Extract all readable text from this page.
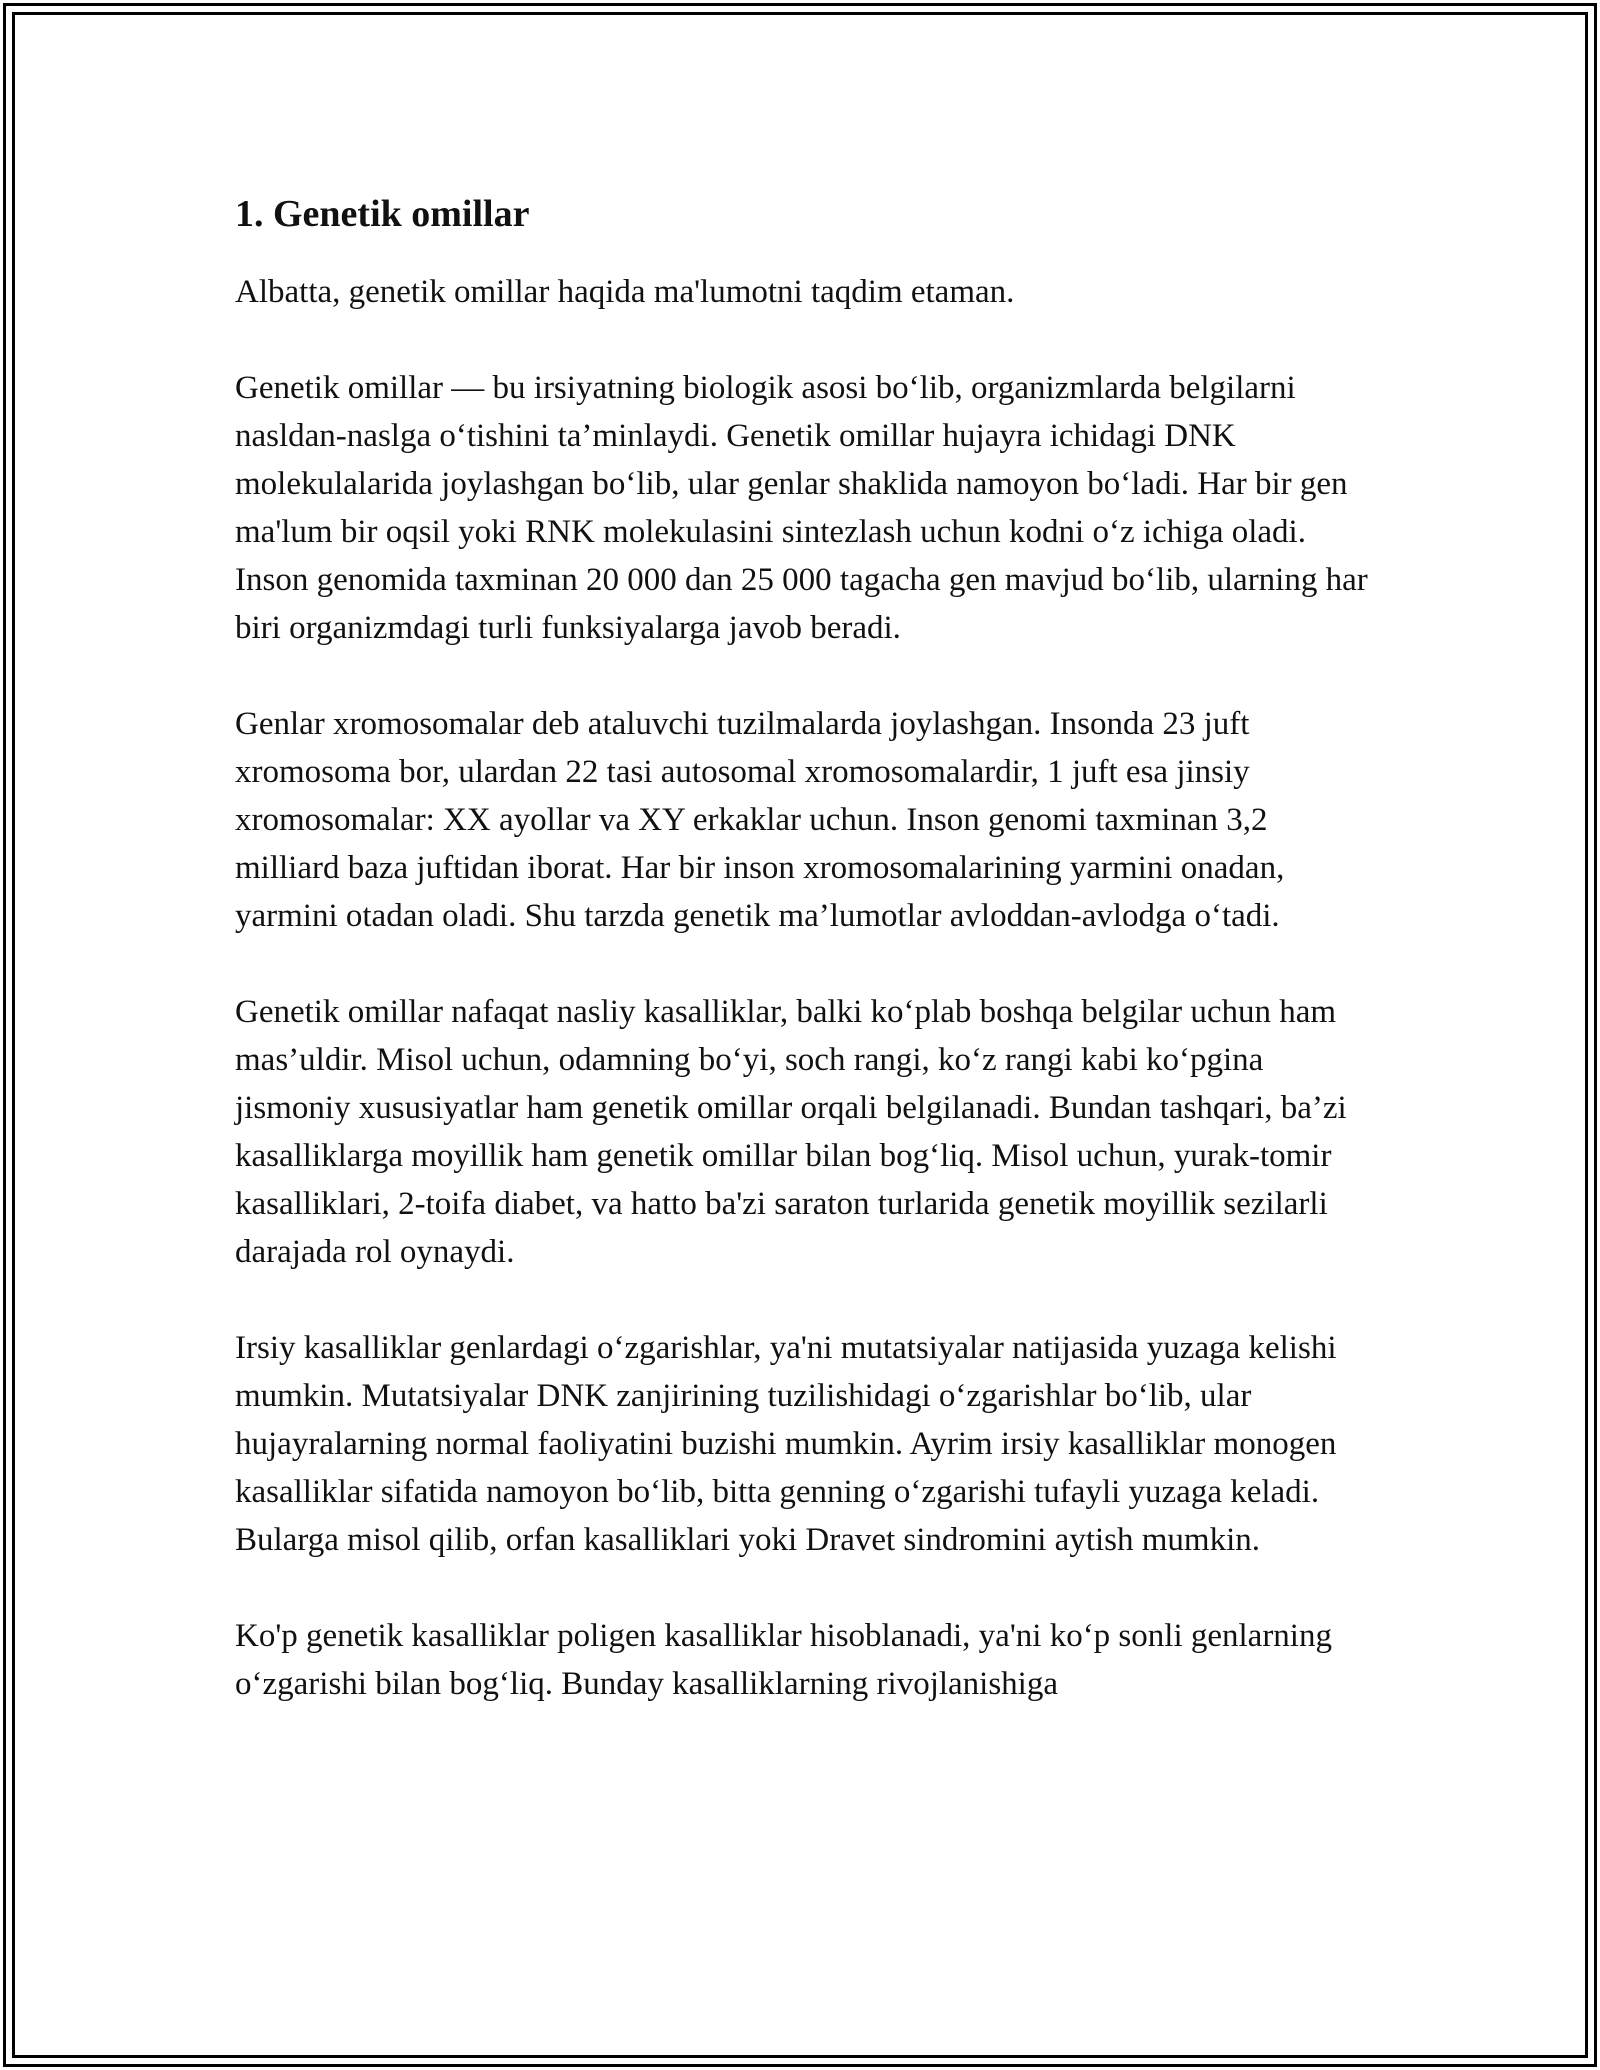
1. Genetik omillar

Albatta, genetik omillar haqida ma'lumotni taqdim etaman.

Genetik omillar — bu irsiyatning biologik asosi bo‘lib, organizmlarda belgilarni nasldan-naslga o‘tishini ta’minlaydi. Genetik omillar hujayra ichidagi DNK molekulalarida joylashgan bo‘lib, ular genlar shaklida namoyon bo‘ladi. Har bir gen ma'lum bir oqsil yoki RNK molekulasini sintezlash uchun kodni o‘z ichiga oladi. Inson genomida taxminan 20 000 dan 25 000 tagacha gen mavjud bo‘lib, ularning har biri organizmdagi turli funksiyalarga javob beradi.

Genlar xromosomalar deb ataluvchi tuzilmalarda joylashgan. Insonda 23 juft xromosoma bor, ulardan 22 tasi autosomal xromosomalardir, 1 juft esa jinsiy xromosomalar: XX ayollar va XY erkaklar uchun. Inson genomi taxminan 3,2 milliard baza juftidan iborat. Har bir inson xromosomalarining yarmini onadan, yarmini otadan oladi. Shu tarzda genetik ma’lumotlar avloddan-avlodga o‘tadi.

Genetik omillar nafaqat nasliy kasalliklar, balki ko‘plab boshqa belgilar uchun ham mas’uldir. Misol uchun, odamning bo‘yi, soch rangi, ko‘z rangi kabi ko‘pgina jismoniy xususiyatlar ham genetik omillar orqali belgilanadi. Bundan tashqari, ba’zi kasalliklarga moyillik ham genetik omillar bilan bog‘liq. Misol uchun, yurak-tomir kasalliklari, 2-toifa diabet, va hatto ba'zi saraton turlarida genetik moyillik sezilarli darajada rol oynaydi.

Irsiy kasalliklar genlardagi o‘zgarishlar, ya'ni mutatsiyalar natijasida yuzaga kelishi mumkin. Mutatsiyalar DNK zanjirining tuzilishidagi o‘zgarishlar bo‘lib, ular hujayralarning normal faoliyatini buzishi mumkin. Ayrim irsiy kasalliklar monogen kasalliklar sifatida namoyon bo‘lib, bitta genning o‘zgarishi tufayli yuzaga keladi. Bularga misol qilib, orfan kasalliklari yoki Dravet sindromini aytish mumkin.

Ko'p genetik kasalliklar poligen kasalliklar hisoblanadi, ya'ni ko‘p sonli genlarning o‘zgarishi bilan bog‘liq. Bunday kasalliklarning rivojlanishiga
